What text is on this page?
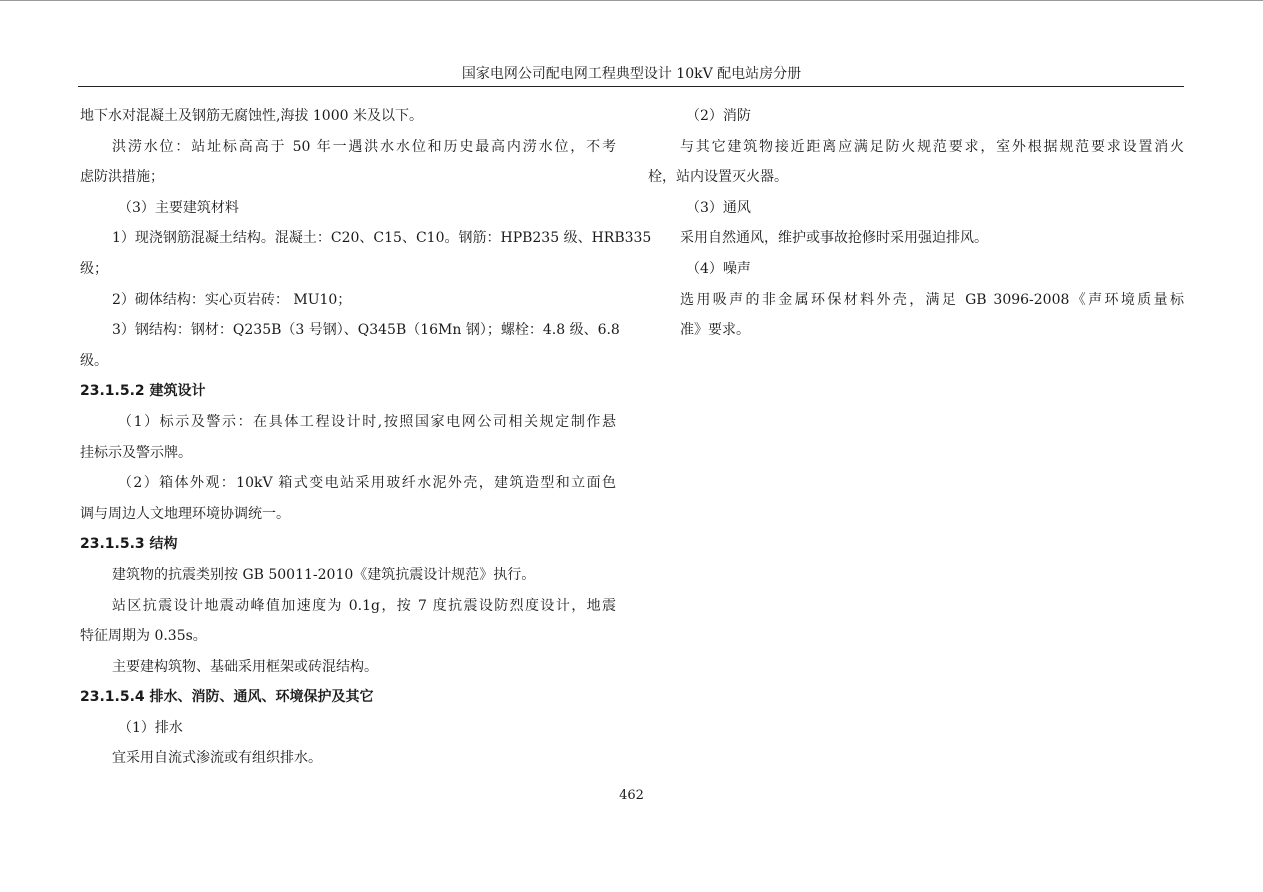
国家电网公司配电网工程典型设计 10kV 配电站房分册
地下水对混凝土及钢筋无腐蚀性,海拔 1000 米及以下。
洪涝水位：站址标高高于 50 年一遇洪水水位和历史最高内涝水位，不考
虑防洪措施；
（3）主要建筑材料
1）现浇钢筋混凝土结构。混凝土：C20、C15、C10。钢筋：HPB235 级、HRB335
级；
2）砌体结构：实心页岩砖： MU10；
3）钢结构：钢材：Q235B（3 号钢）、Q345B（16Mn 钢）；螺栓：4.8 级、6.8
级。
23.1.5.2 建筑设计
（1）标示及警示：在具体工程设计时,按照国家电网公司相关规定制作悬
挂标示及警示牌。
（2）箱体外观：10kV 箱式变电站采用玻纤水泥外壳，建筑造型和立面色
调与周边人文地理环境协调统一。
23.1.5.3 结构
建筑物的抗震类别按 GB 50011-2010《建筑抗震设计规范》执行。
站区抗震设计地震动峰值加速度为 0.1g，按 7 度抗震设防烈度设计，地震
特征周期为 0.35s。
主要建构筑物、基础采用框架或砖混结构。
23.1.5.4 排水、消防、通风、环境保护及其它
（1）排水
宜采用自流式渗流或有组织排水。
（2）消防
与其它建筑物接近距离应满足防火规范要求，室外根据规范要求设置消火
栓，站内设置灭火器。
（3）通风
采用自然通风，维护或事故抢修时采用强迫排风。
（4）噪声
选用吸声的非金属环保材料外壳，满足 GB 3096-2008《声环境质量标
准》要求。
462
